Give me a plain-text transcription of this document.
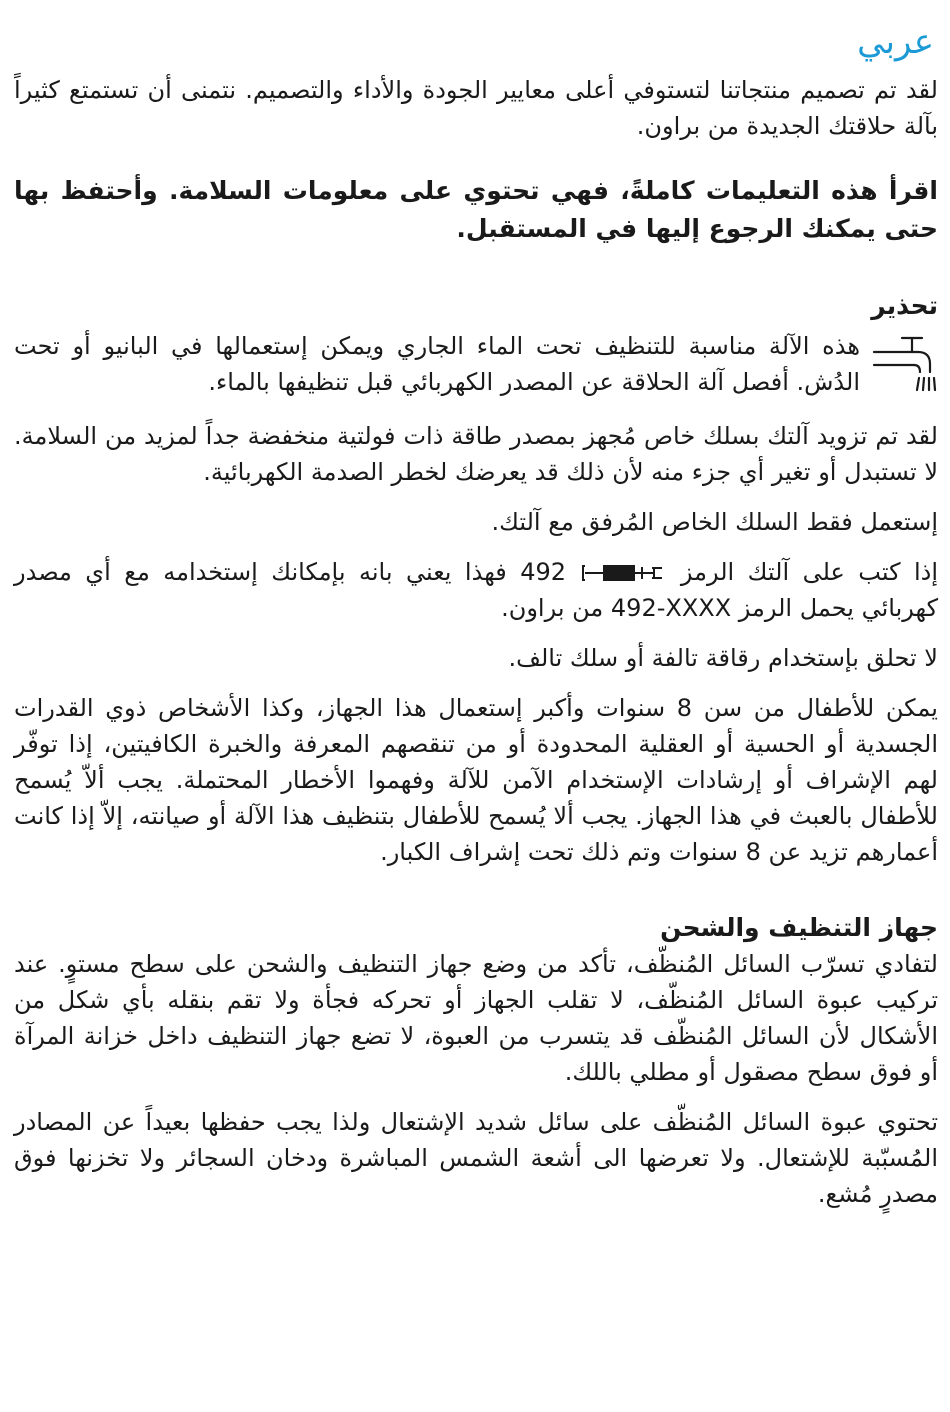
عربي

لقد تم تصميم منتجاتنا لتستوفي أعلى معايير الجودة والأداء والتصميم. نتمنى أن تستمتع كثيراً بآلة حلاقتك الجديدة من براون.

اقرأ هذه التعليمات كاملةً، فهي تحتوي على معلومات السلامة. وأحتفظ بها حتى يمكنك الرجوع إليها في المستقبل.

تحذير

هذه الآلة مناسبة للتنظيف تحت الماء الجاري ويمكن إستعمالها في البانيو أو تحت الدُش. أفصل آلة الحلاقة عن المصدر الكهربائي قبل تنظيفها بالماء.

لقد تم تزويد آلتك بسلك خاص مُجهز بمصدر طاقة ذات فولتية منخفضة جداً لمزيد من السلامة. لا تستبدل أو تغير أي جزء منه لأن ذلك قد يعرضك لخطر الصدمة الكهربائية.

إستعمل فقط السلك الخاص المُرفق مع آلتك.

إذا كتب على آلتك الرمز  492 فهذا يعني بانه بإمكانك إستخدامه مع أي مصدر كهربائي يحمل الرمز 492-XXXX من براون.

لا تحلق بإستخدام رقاقة تالفة أو سلك تالف.

يمكن للأطفال من سن 8 سنوات وأكبر إستعمال هذا الجهاز، وكذا الأشخاص ذوي القدرات الجسدية أو الحسية أو العقلية المحدودة أو من تنقصهم المعرفة والخبرة الكافيتين، إذا توفّر لهم الإشراف أو إرشادات الإستخدام الآمن للآلة وفهموا الأخطار المحتملة. يجب ألاّ يُسمح للأطفال بالعبث في هذا الجهاز. يجب ألا يُسمح للأطفال بتنظيف هذا الآلة أو صيانته، إلاّ إذا كانت أعمارهم تزيد عن 8 سنوات وتم ذلك تحت إشراف الكبار.

جهاز التنظيف والشحن

لتفادي تسرّب السائل المُنظّف، تأكد من وضع جهاز التنظيف والشحن على سطح مستوٍ. عند تركيب عبوة السائل المُنظّف، لا تقلب الجهاز أو تحركه فجأة ولا تقم بنقله بأي شكل من الأشكال لأن السائل المُنظّف قد يتسرب من العبوة، لا تضع جهاز التنظيف داخل خزانة المرآة أو فوق سطح مصقول أو مطلي باللك.

تحتوي عبوة السائل المُنظّف على سائل شديد الإشتعال ولذا يجب حفظها بعيداً عن المصادر المُسبّبة للإشتعال. ولا تعرضها الى أشعة الشمس المباشرة ودخان السجائر ولا تخزنها فوق مصدرٍ مُشع.
